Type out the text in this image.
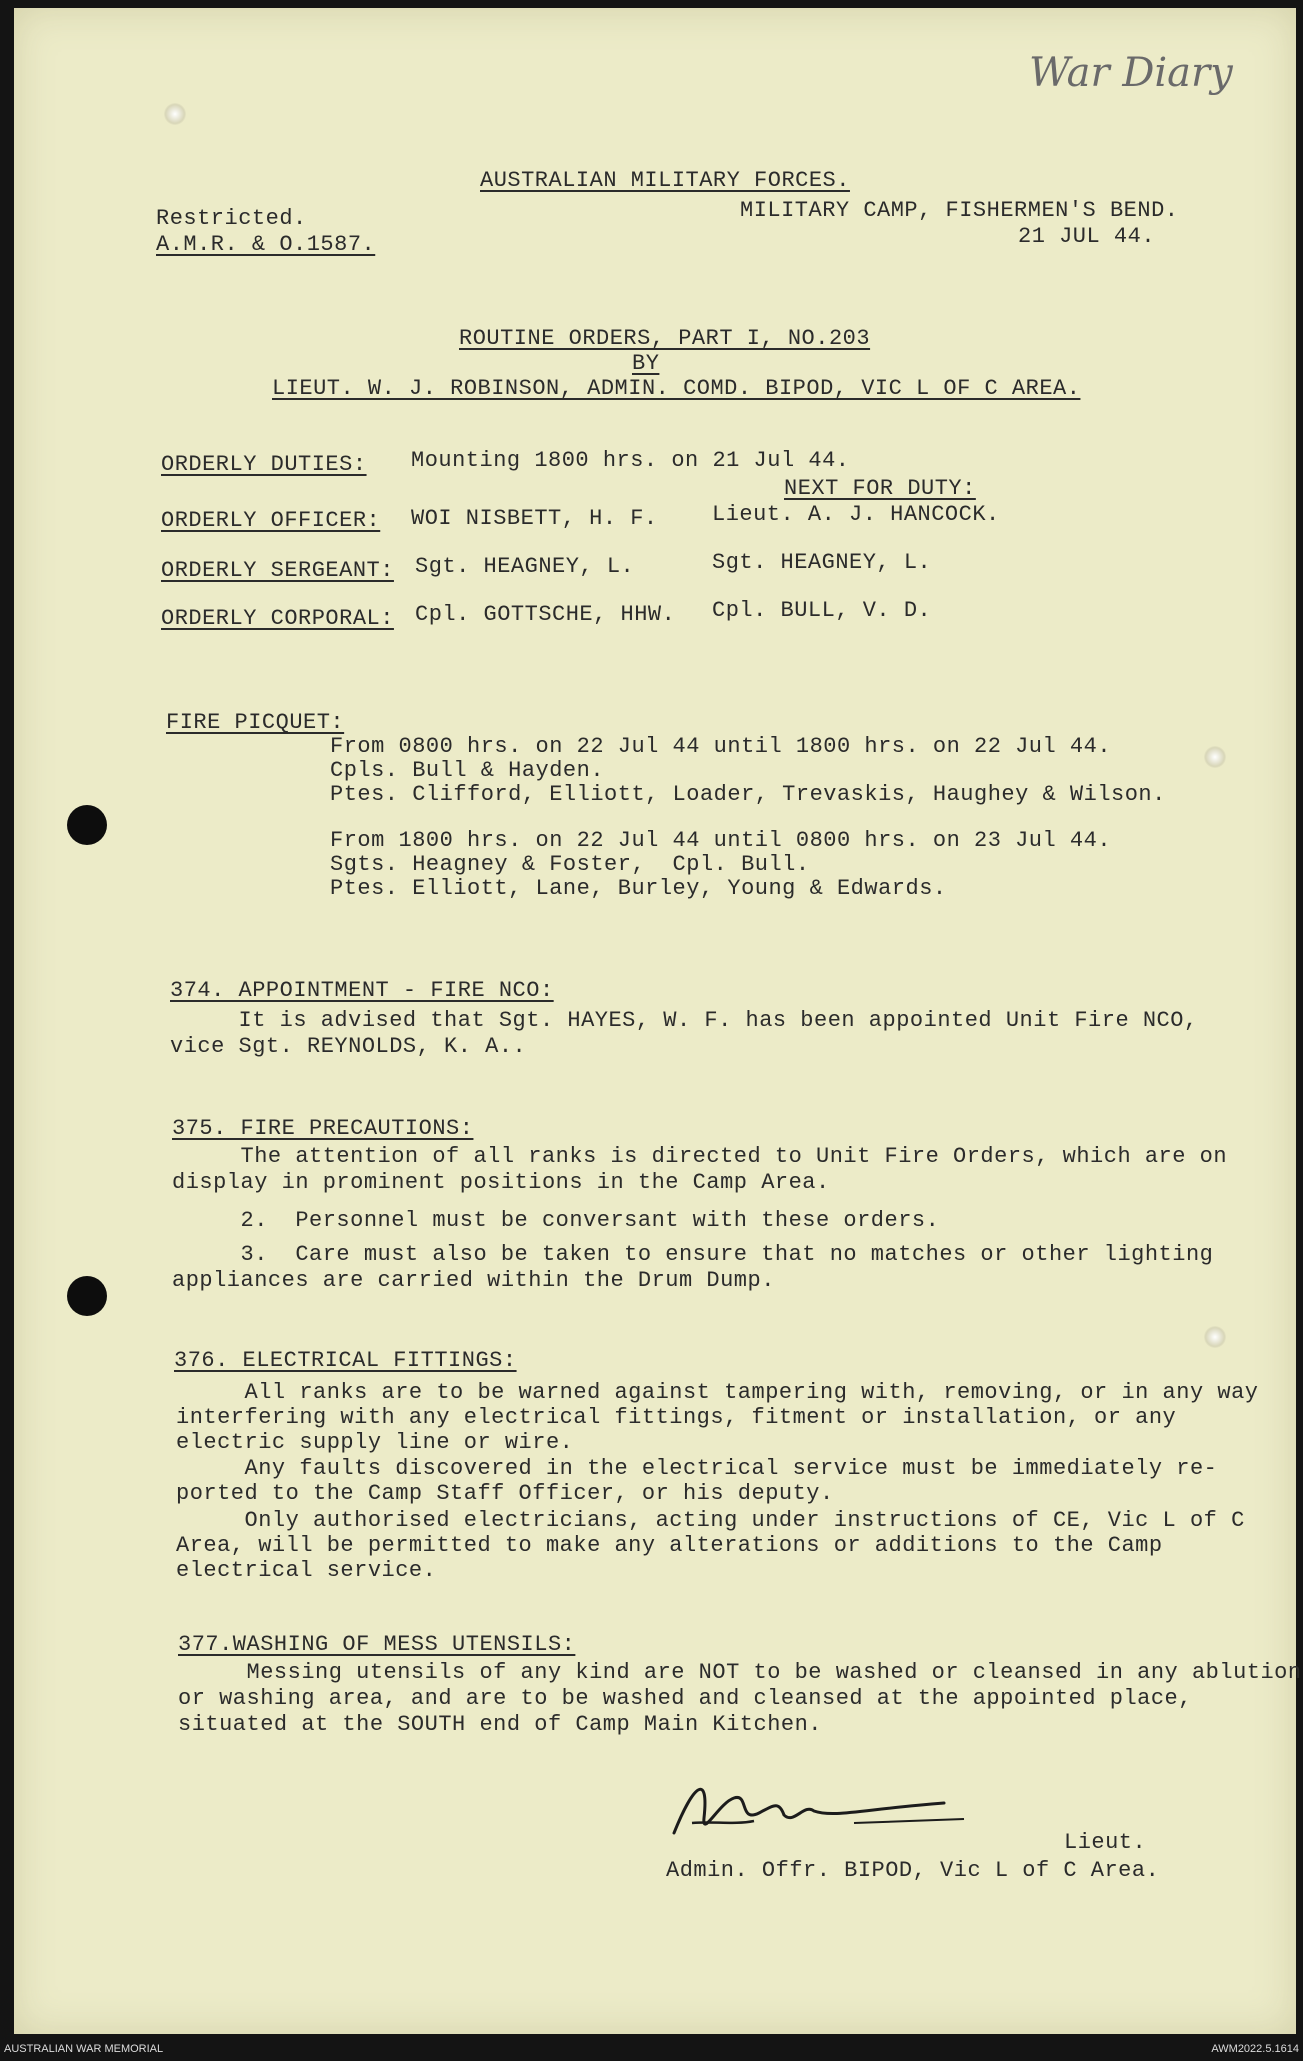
War Diary
AUSTRALIAN MILITARY FORCES.
Restricted.
A.M.R. & O.1587.
MILITARY CAMP, FISHERMEN'S BEND.
21 JUL 44.
ROUTINE ORDERS, PART I, NO.203
BY
LIEUT. W. J. ROBINSON, ADMIN. COMD. BIPOD, VIC L OF C AREA.
ORDERLY DUTIES: Mounting 1800 hrs. on 21 Jul 44.
NEXT FOR DUTY:
ORDERLY OFFICER: WOI NISBETT, H. F. Lieut. A. J. HANCOCK.
ORDERLY SERGEANT: Sgt. HEAGNEY, L.	Sgt. HEAGNEY, L.
ORDERLY CORPORAL: Cpl. GOTTSCHE, HHW. Cpl. BULL, V. D.
FIRE PICQUET:
From 0800 hrs. on 22 Jul 44 until 1800 hrs. on 22 Jul 44.
Cpls. Bull & Hayden.
Ptes. Clifford, Elliott, Loader, Trevaskis, Haughey & Wilson.
From 1800 hrs. on 22 Jul 44 until 0800 hrs. on 23 Jul 44.
Sgts. Heagney & Foster,  Cpl. Bull.
Ptes. Elliott, Lane, Burley, Young & Edwards.
374. APPOINTMENT - FIRE NCO:
It is advised that Sgt. HAYES, W. F. has been appointed Unit Fire NCO,
vice Sgt. REYNOLDS, K. A..
375. FIRE PRECAUTIONS:
The attention of all ranks is directed to Unit Fire Orders, which are on
display in prominent positions in the Camp Area.
2.  Personnel must be conversant with these orders.
3.  Care must also be taken to ensure that no matches or other lighting
appliances are carried within the Drum Dump.
376. ELECTRICAL FITTINGS:
All ranks are to be warned against tampering with, removing, or in any way
interfering with any electrical fittings, fitment or installation, or any
electric supply line or wire.
Any faults discovered in the electrical service must be immediately re-
ported to the Camp Staff Officer, or his deputy.
Only authorised electricians, acting under instructions of CE, Vic L of C
Area, will be permitted to make any alterations or additions to the Camp
electrical service.
377.WASHING OF MESS UTENSILS:
Messing utensils of any kind are NOT to be washed or cleansed in any ablution
or washing area, and are to be washed and cleansed at the appointed place,
situated at the SOUTH end of Camp Main Kitchen.
Lieut.
Admin. Offr. BIPOD, Vic L of C Area.
AUSTRALIAN WAR MEMORIAL	AWM2022.5.1614
